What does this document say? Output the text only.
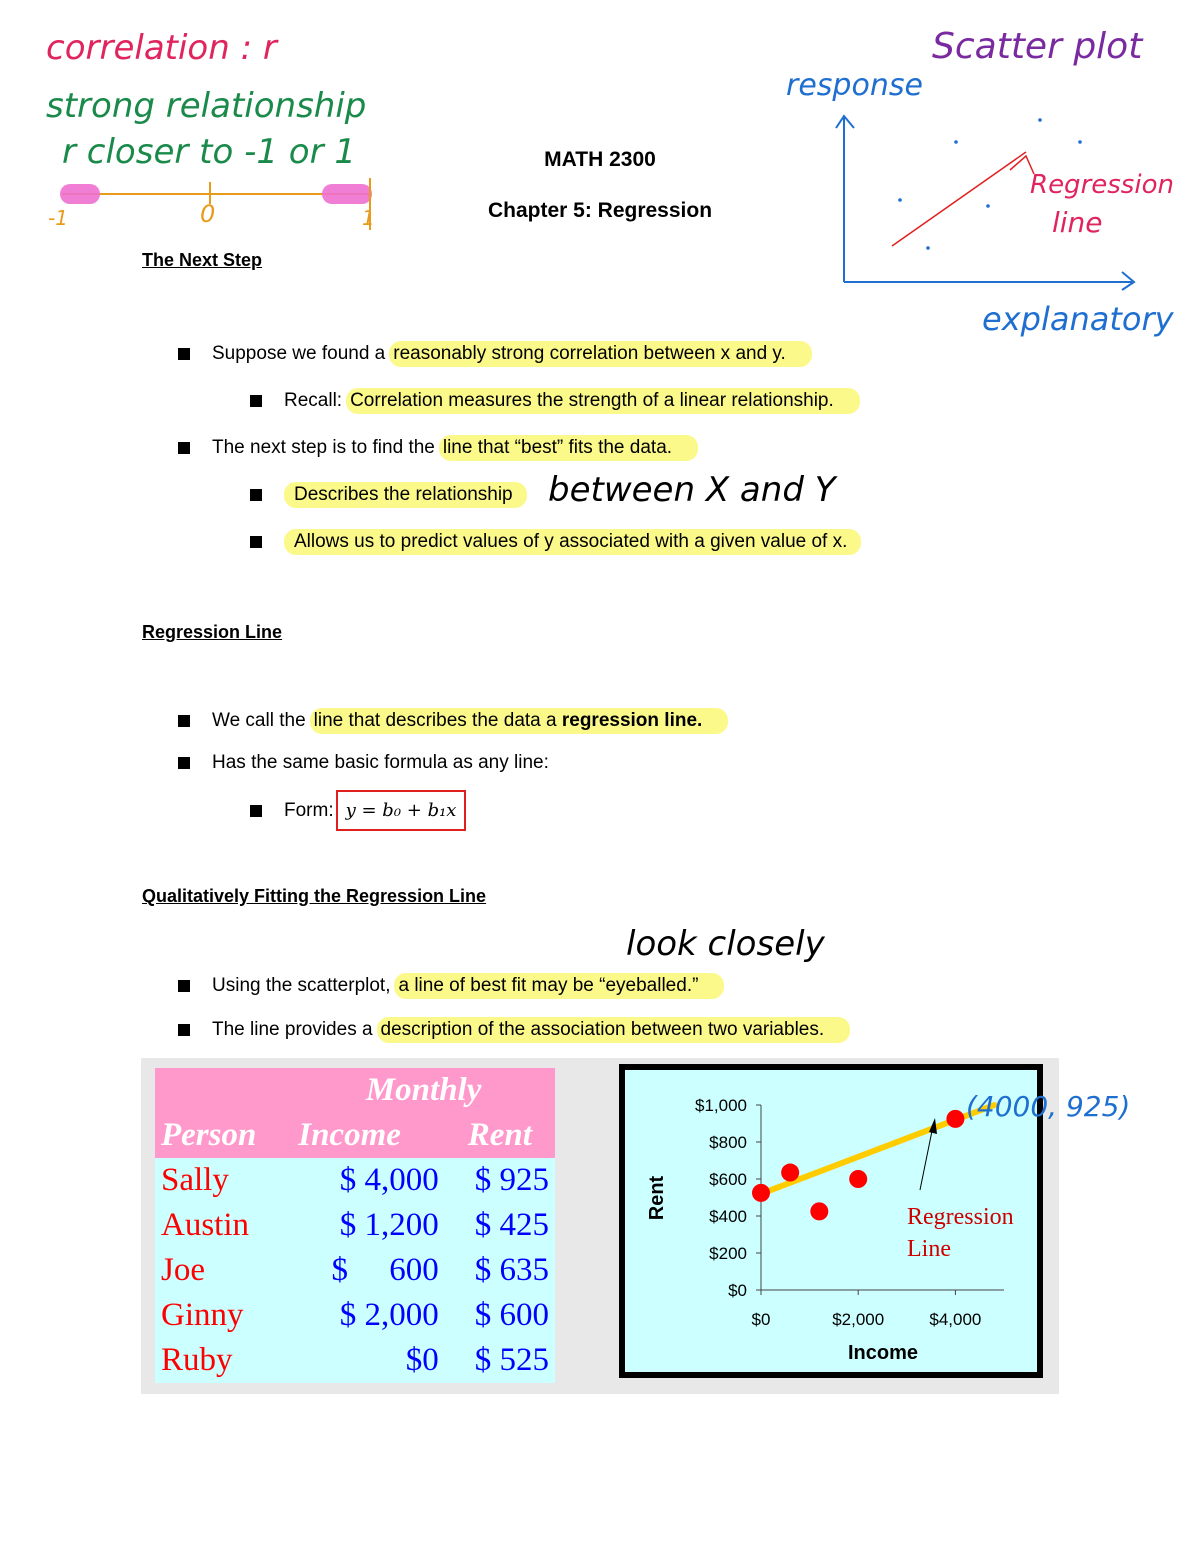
correlation : r
strong relationship
r closer to -1 or 1
-1	0	1
Scatter plot
response
Regression
line
explanatory
MATH 2300
Chapter 5: Regression
The Next Step
Suppose we found a reasonably strong correlation between x and y.
Recall: Correlation measures the strength of a linear relationship.
The next step is to find the line that “best” fits the data.
Describes the relationship	between X and Y
Allows us to predict values of y associated with a given value of x.
Regression Line
We call the line that describes the data a regression line.
Has the same basic formula as any line:
Form: y = b₀ + b₁x
Qualitatively Fitting the Regression Line
look closely
Using the scatterplot, a line of best fit may be “eyeballed.”
The line provides a description of the association between two variables.
	Monthly	
Person	Income	Rent
Sally	$ 4,000	$ 925
Austin	$ 1,200	$ 425
Joe	$     600	$ 635
Ginny	$ 2,000	$ 600
Ruby	$0	$ 525
$0
$200
$400
$600
$800
$1,000
$0	$2,000	$4,000
Income
Rent	Regression
Line
(4000, 925)
